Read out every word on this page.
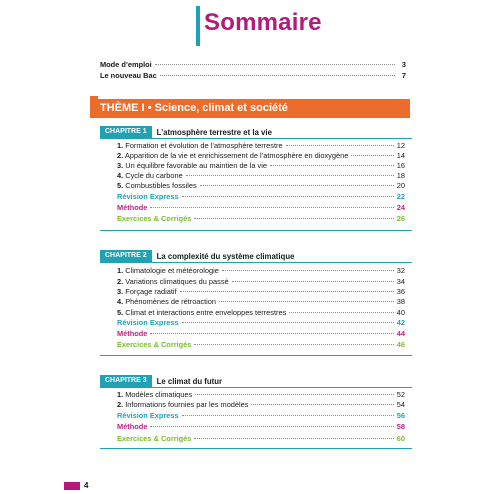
Sommaire
Mode d’emploi	3
Le nouveau Bac	7
THÈME I • Science, climat et société
CHAPITRE 1	L’atmosphère terrestre et la vie
1. Formation et évolution de l’atmosphère terrestre	12
2. Apparition de la vie et enrichissement de l’atmosphère en dioxygène	14
3. Un équilibre favorable au maintien de la vie	16
4. Cycle du carbone	18
5. Combustibles fossiles	20
Révision Express	22
Méthode	24
Exercices & Corrigés	26
CHAPITRE 2	La complexité du système climatique
1. Climatologie et météorologie	32
2. Variations climatiques du passé	34
3. Forçage radiatif	36
4. Phénomènes de rétroaction	38
5. Climat et interactions entre enveloppes terrestres	40
Révision Express	42
Méthode	44
Exercices & Corrigés	46
CHAPITRE 3	Le climat du futur
1. Modèles climatiques	52
2. Informations fournies par les modèles	54
Révision Express	56
Méthode	58
Exercices & Corrigés	60
4
